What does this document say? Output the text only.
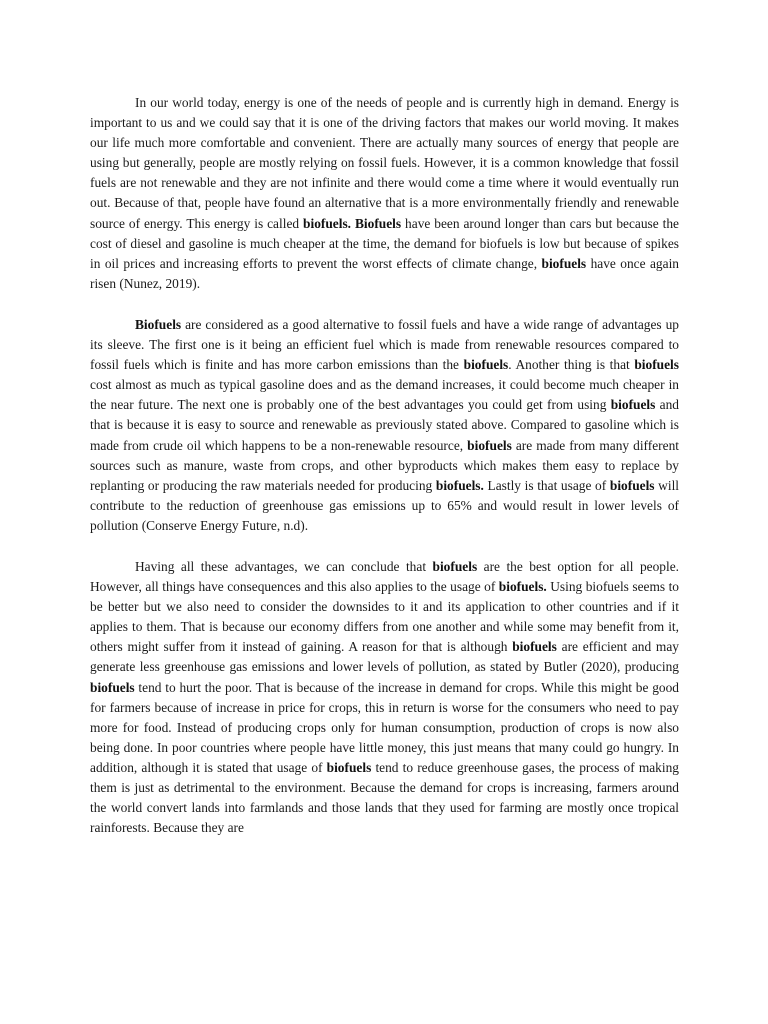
In our world today, energy is one of the needs of people and is currently high in demand. Energy is important to us and we could say that it is one of the driving factors that makes our world moving. It makes our life much more comfortable and convenient. There are actually many sources of energy that people are using but generally, people are mostly relying on fossil fuels. However, it is a common knowledge that fossil fuels are not renewable and they are not infinite and there would come a time where it would eventually run out. Because of that, people have found an alternative that is a more environmentally friendly and renewable source of energy. This energy is called biofuels. Biofuels have been around longer than cars but because the cost of diesel and gasoline is much cheaper at the time, the demand for biofuels is low but because of spikes in oil prices and increasing efforts to prevent the worst effects of climate change, biofuels have once again risen (Nunez, 2019).

Biofuels are considered as a good alternative to fossil fuels and have a wide range of advantages up its sleeve. The first one is it being an efficient fuel which is made from renewable resources compared to fossil fuels which is finite and has more carbon emissions than the biofuels. Another thing is that biofuels cost almost as much as typical gasoline does and as the demand increases, it could become much cheaper in the near future. The next one is probably one of the best advantages you could get from using biofuels and that is because it is easy to source and renewable as previously stated above. Compared to gasoline which is made from crude oil which happens to be a non-renewable resource, biofuels are made from many different sources such as manure, waste from crops, and other byproducts which makes them easy to replace by replanting or producing the raw materials needed for producing biofuels. Lastly is that usage of biofuels will contribute to the reduction of greenhouse gas emissions up to 65% and would result in lower levels of pollution (Conserve Energy Future, n.d).

Having all these advantages, we can conclude that biofuels are the best option for all people. However, all things have consequences and this also applies to the usage of biofuels. Using biofuels seems to be better but we also need to consider the downsides to it and its application to other countries and if it applies to them. That is because our economy differs from one another and while some may benefit from it, others might suffer from it instead of gaining. A reason for that is although biofuels are efficient and may generate less greenhouse gas emissions and lower levels of pollution, as stated by Butler (2020), producing biofuels tend to hurt the poor. That is because of the increase in demand for crops. While this might be good for farmers because of increase in price for crops, this in return is worse for the consumers who need to pay more for food. Instead of producing crops only for human consumption, production of crops is now also being done. In poor countries where people have little money, this just means that many could go hungry. In addition, although it is stated that usage of biofuels tend to reduce greenhouse gases, the process of making them is just as detrimental to the environment. Because the demand for crops is increasing, farmers around the world convert lands into farmlands and those lands that they used for farming are mostly once tropical rainforests. Because they are
